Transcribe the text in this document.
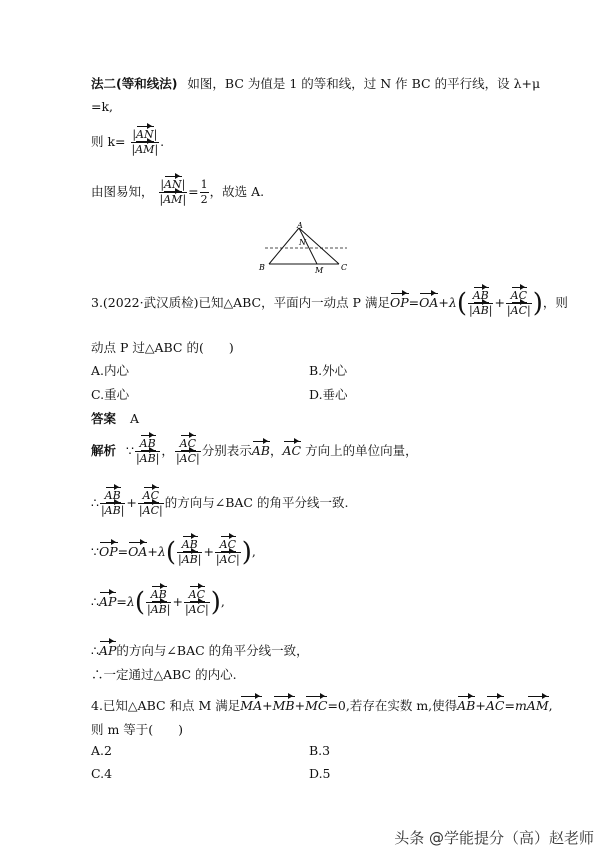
法二(等和线法) 如图，BC 为值是 1 的等和线，过 N 作 BC 的平行线，设 λ+μ
=k,
则 $k= \frac{|AN|}{|AM|}$ .
由图易知， $\frac{|AN|}{|AM|} = \frac{1}{2}$ ，故选 A.
A
N
B	M C
3.(2022·武汉质检)已知△ABC，平面内一动点 P 满足$OP=OA+\lambda( \frac{AB}{|AB|} + \frac{AC}{|AC|}$ )，则
动点 P 过△ABC 的(　　)
A.内心	B.外心
C.重心	D.垂心
答案 A
解析 ∵ $\frac{AB}{|AB|}$ ， $\frac{AC}{|AC|}$ 分别表示AB，AC 方向上的单位向量，
∴ $\frac{AB}{|AB|} + \frac{AC}{|AC|}$ 的方向与∠BAC 的角平分线一致.
∵OP=OA+λ( $\frac{AB}{|AB|} + \frac{AC}{|AC|}$ ),
∴AP=λ( $\frac{AB}{|AB|} + \frac{AC}{|AC|}$ ),
∴AP的方向与∠BAC 的角平分线一致，
∴一定通过△ABC 的内心.
4.已知△ABC 和点 M 满足MA+MB+MC=0,若存在实数 m,使得AB+AC=mAM,
则 m 等于(　　)
A.2	B.3
C.4	D.5
头条 @学能提分（高）赵老师
